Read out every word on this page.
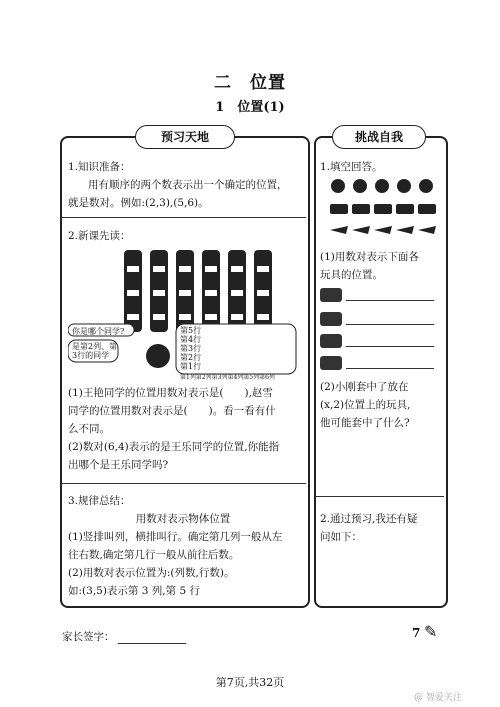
二　位置
1　位置(1)
预习天地
1.知识准备：
用有顺序的两个数表示出一个确定的位置，
就是数对。例如:(2,3),(5,6)。
2.新课先读：
你是哪个同学?
是第2列、第3行的同学
第5行
第4行
第3行
第2行
第1行
第1列第2列第3列第4列第5列第6列
(1)王艳同学的位置用数对表示是(　　),赵雪
同学的位置用数对表示是(　　)。看一看有什
么不同。
(2)数对(6,4)表示的是王乐同学的位置,你能指
出哪个是王乐同学吗?
3.规律总结：
用数对表示物体位置
(1)竖排叫列，横排叫行。确定第几列一般从左
往右数,确定第几行一般从前往后数。
(2)用数对表示位置为:(列数,行数)。
如:(3,5)表示第 3 列,第 5 行
挑战自我
1.填空回答。
(1)用数对表示下面各
玩具的位置。
(2)小刚套中了放在
(x,2)位置上的玩具,
他可能套中了什么?
2.通过预习,我还有疑
问如下：
家长签字：	7 ✎
第7页,共32页
@ 智爱关注
